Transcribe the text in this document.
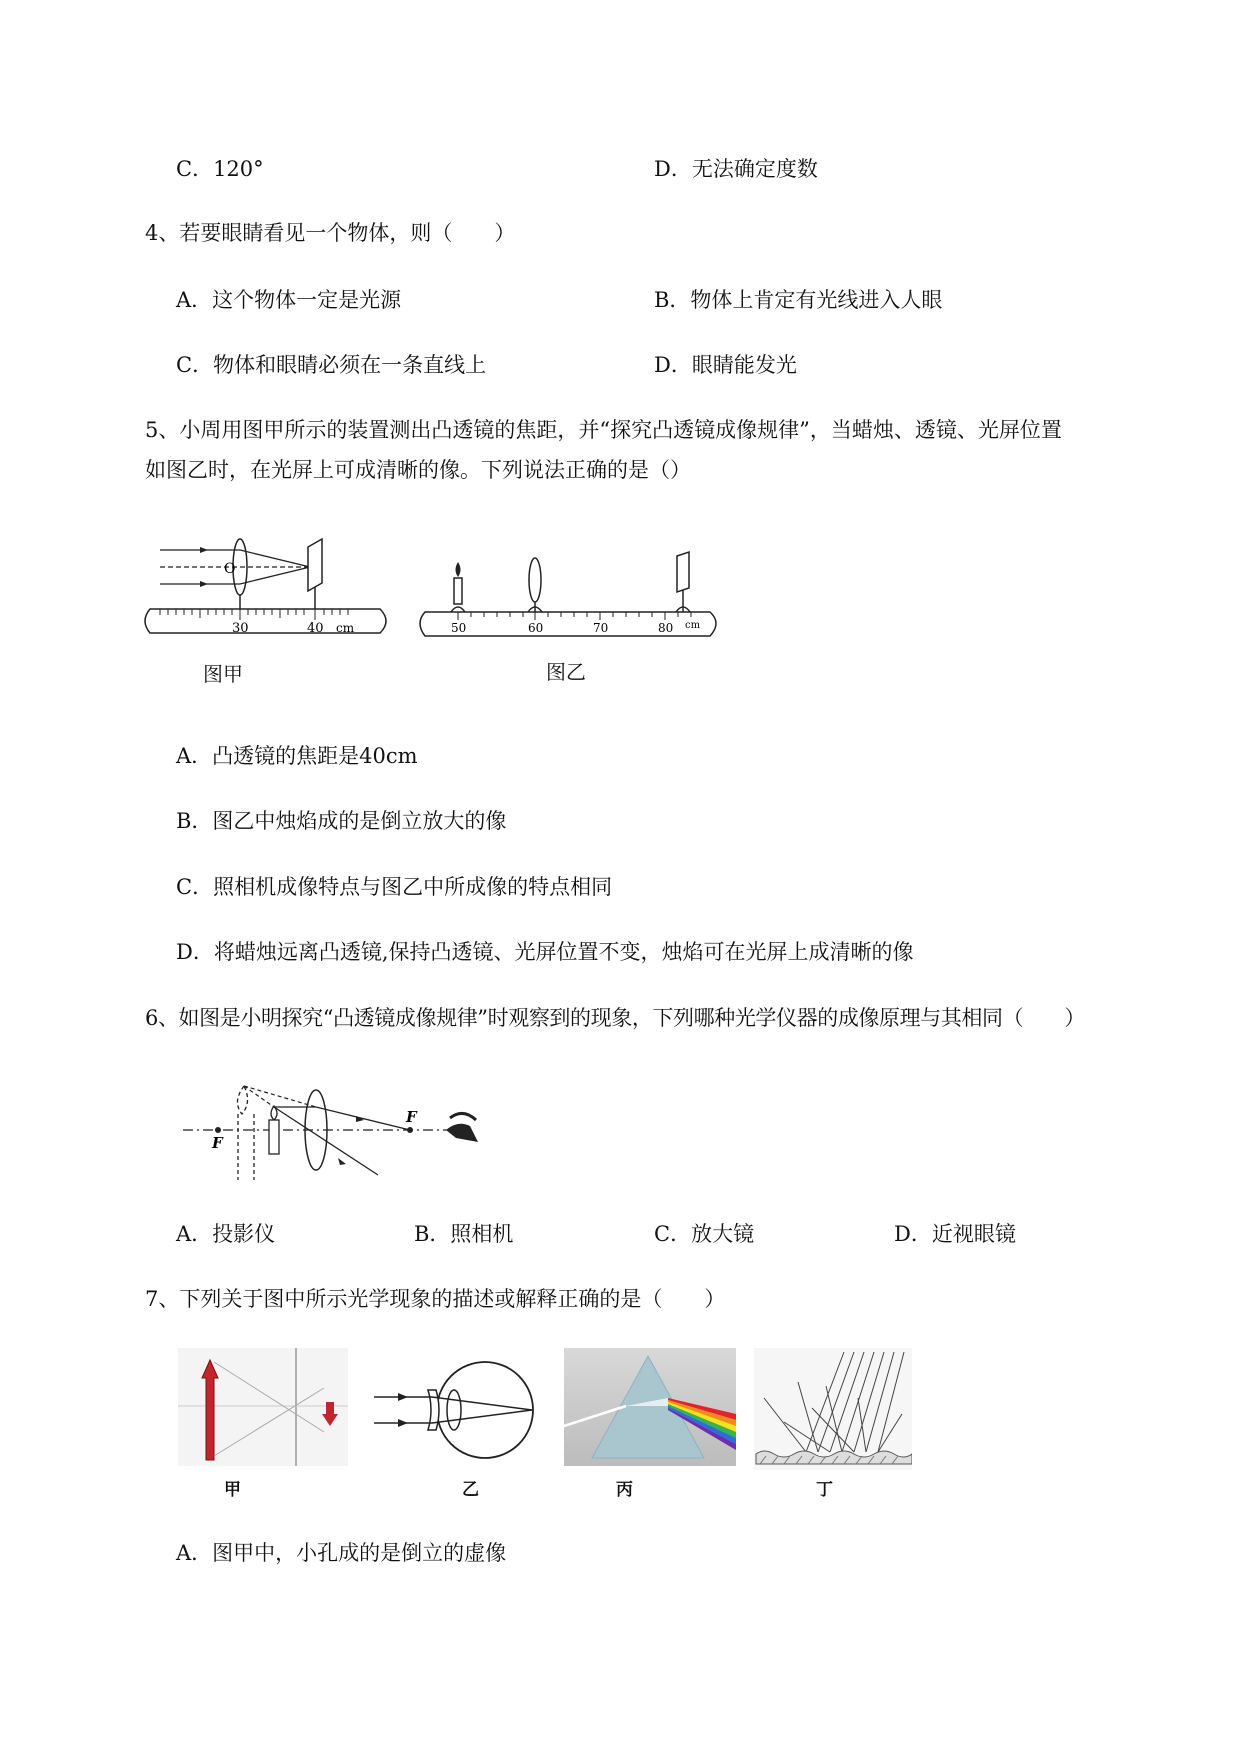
C．120°	D．无法确定度数
4、若要眼睛看见一个物体，则（　　）
A．这个物体一定是光源	B．物体上肯定有光线进入人眼
C．物体和眼睛必须在一条直线上	D．眼睛能发光
5、小周用图甲所示的装置测出凸透镜的焦距，并“探究凸透镜成像规律”，当蜡烛、透镜、光屏位置
如图乙时，在光屏上可成清晰的像。下列说法正确的是（）
O
30	40 cm
图甲
50	60	70	80 cm
图乙
A．凸透镜的焦距是40cm
B．图乙中烛焰成的是倒立放大的像
C．照相机成像特点与图乙中所成像的特点相同
D．将蜡烛远离凸透镜,保持凸透镜、光屏位置不变，烛焰可在光屏上成清晰的像
6、如图是小明探究“凸透镜成像规律”时观察到的现象，下列哪种光学仪器的成像原理与其相同（　　）
F
F
A．投影仪	B．照相机	C．放大镜	D．近视眼镜
7、下列关于图中所示光学现象的描述或解释正确的是（　　）
甲	乙	丙	丁
A．图甲中，小孔成的是倒立的虚像
